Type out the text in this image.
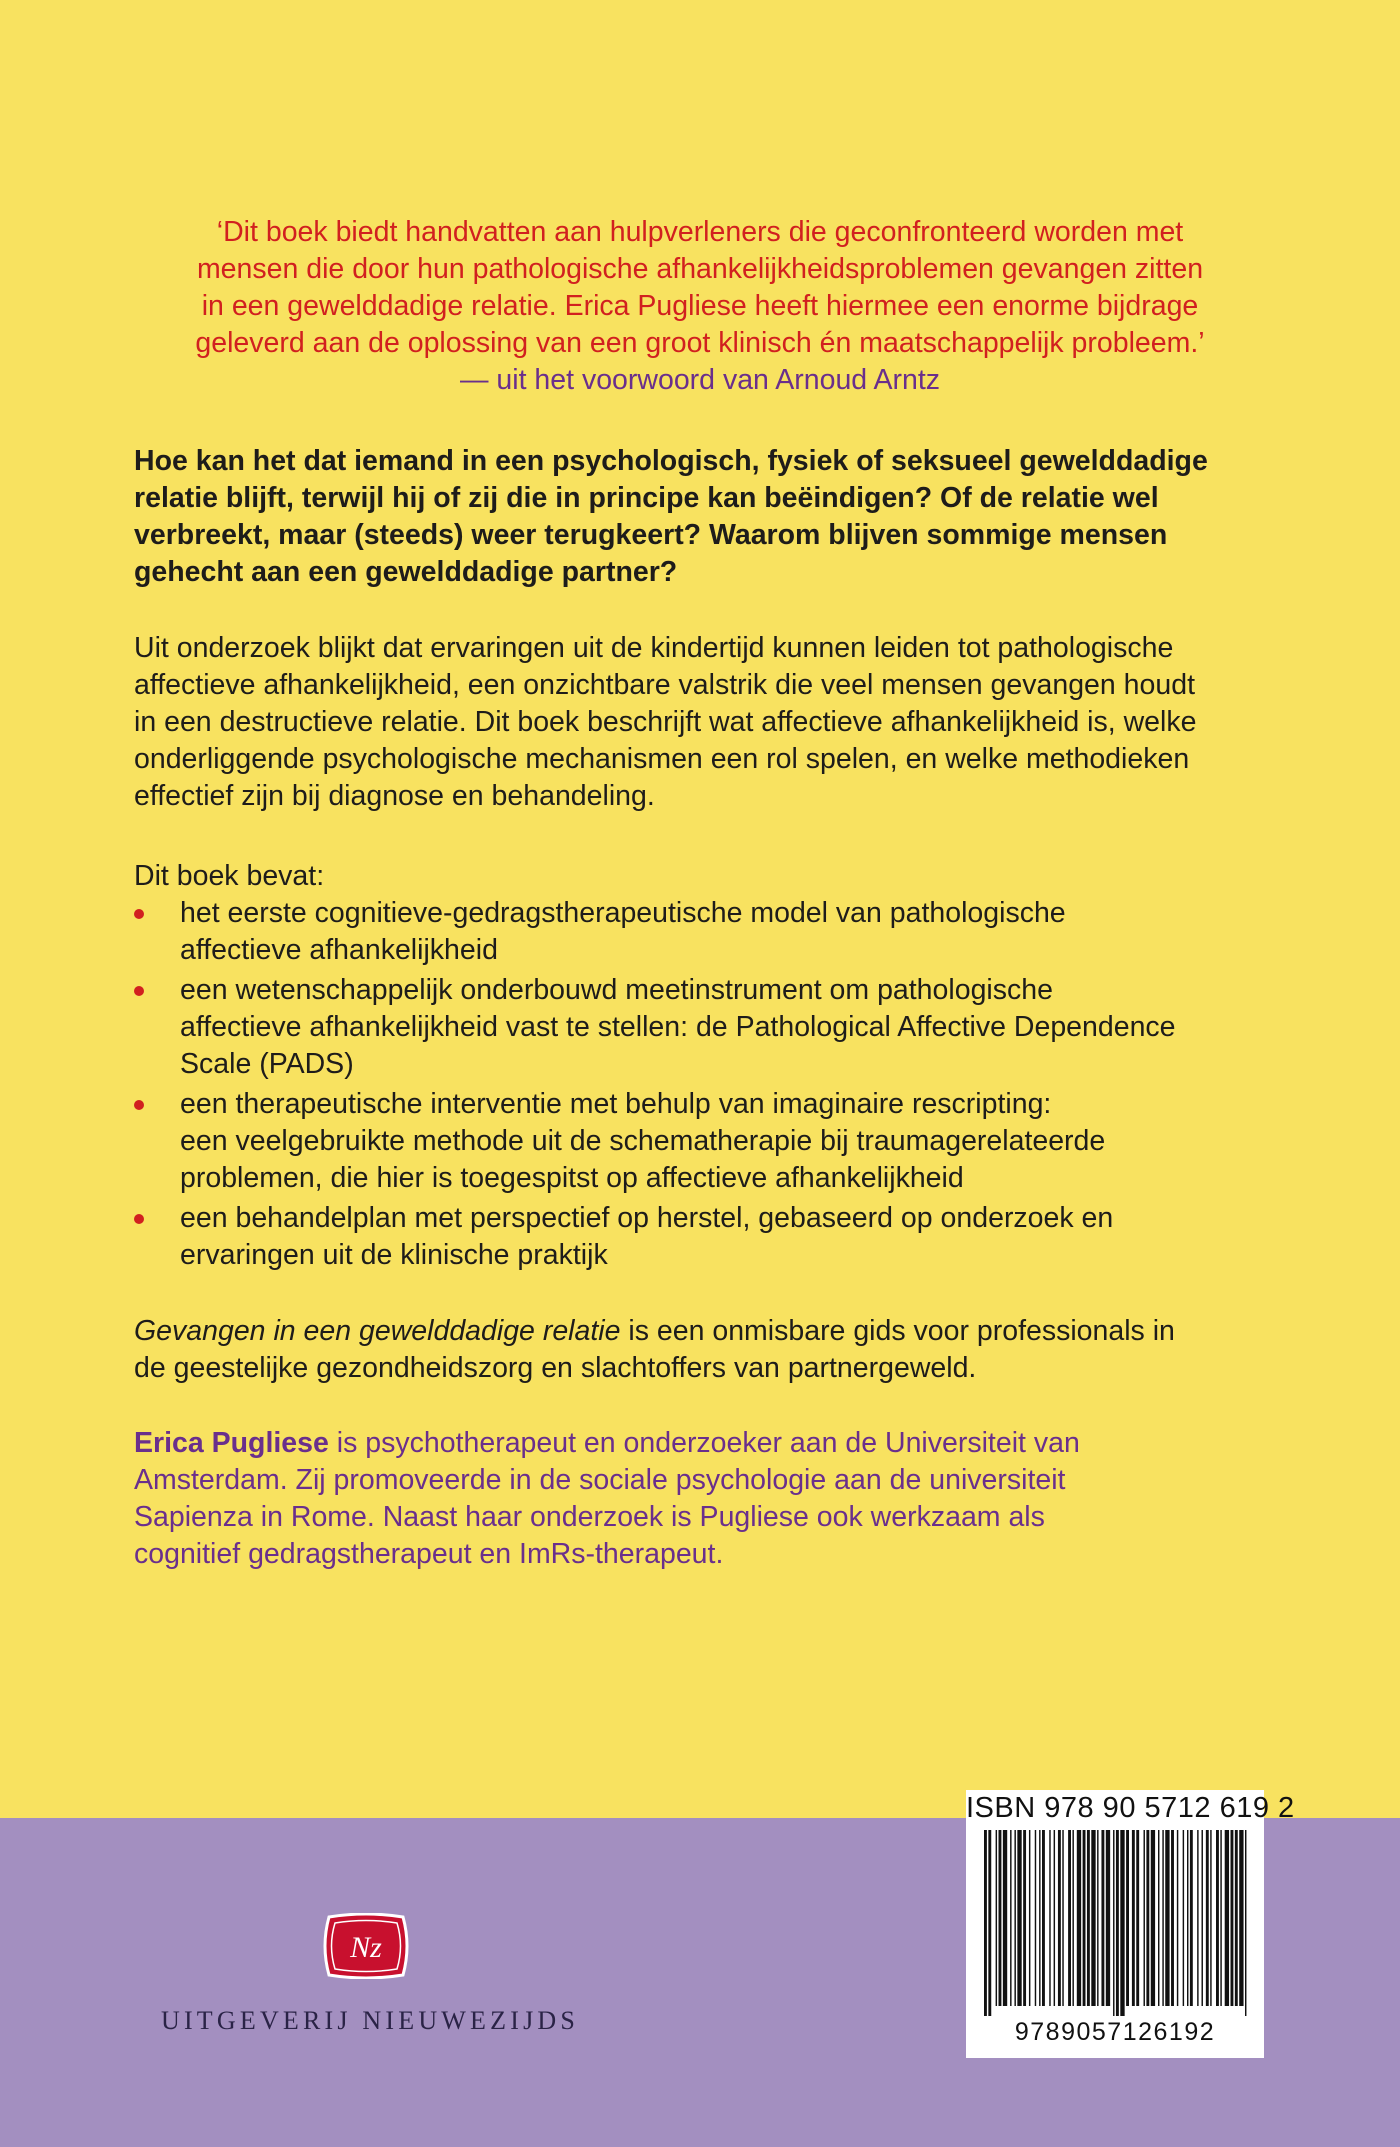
‘Dit boek biedt handvatten aan hulpverleners die geconfronteerd worden met
mensen die door hun pathologische afhankelijkheidsproblemen gevangen zitten
in een gewelddadige relatie. Erica Pugliese heeft hiermee een enorme bijdrage
geleverd aan de oplossing van een groot klinisch én maatschappelijk probleem.’
— uit het voorwoord van Arnoud Arntz
Hoe kan het dat iemand in een psychologisch, fysiek of seksueel gewelddadige
relatie blijft, terwijl hij of zij die in principe kan beëindigen? Of de relatie wel
verbreekt, maar (steeds) weer terugkeert? Waarom blijven sommige mensen
gehecht aan een gewelddadige partner?
Uit onderzoek blijkt dat ervaringen uit de kindertijd kunnen leiden tot pathologische
affectieve afhankelijkheid, een onzichtbare valstrik die veel mensen gevangen houdt
in een destructieve relatie. Dit boek beschrijft wat affectieve afhankelijkheid is, welke
onderliggende psychologische mechanismen een rol spelen, en welke methodieken
effectief zijn bij diagnose en behandeling.
Dit boek bevat:
het eerste cognitieve-gedragstherapeutische model van pathologische
affectieve afhankelijkheid
een wetenschappelijk onderbouwd meetinstrument om pathologische
affectieve afhankelijkheid vast te stellen: de Pathological Affective Dependence
Scale (PADS)
een therapeutische interventie met behulp van imaginaire rescripting:
een veelgebruikte methode uit de schematherapie bij traumagerelateerde
problemen, die hier is toegespitst op affectieve afhankelijkheid
een behandelplan met perspectief op herstel, gebaseerd op onderzoek en
ervaringen uit de klinische praktijk
Gevangen in een gewelddadige relatie is een onmisbare gids voor professionals in
de geestelijke gezondheidszorg en slachtoffers van partnergeweld.
Erica Pugliese is psychotherapeut en onderzoeker aan de Universiteit van
Amsterdam. Zij promoveerde in de sociale psychologie aan de universiteit
Sapienza in Rome. Naast haar onderzoek is Pugliese ook werkzaam als
cognitief gedragstherapeut en ImRs-therapeut.
Nz
UITGEVERIJ NIEUWEZIJDS
ISBN 978 90 5712 619 2
9789057126192
